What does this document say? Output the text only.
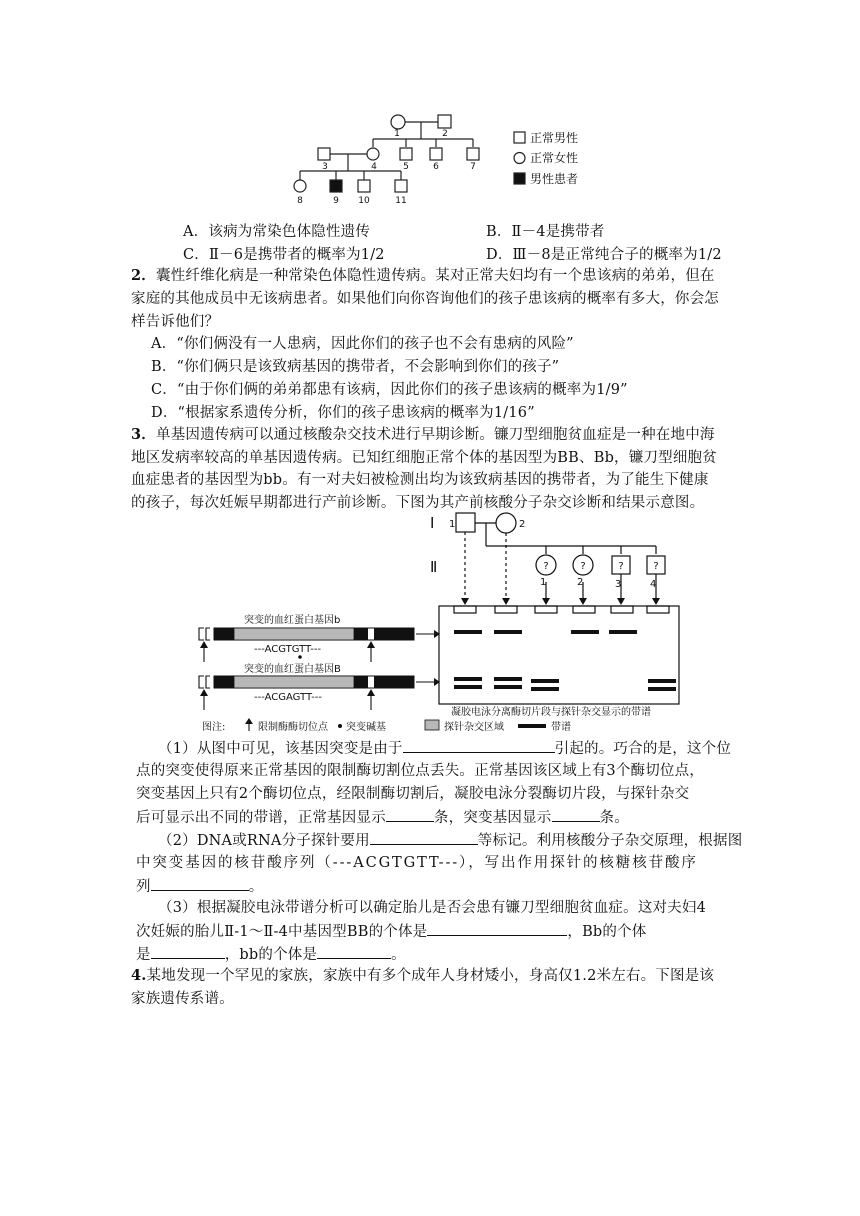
1	2
3	4	5	6	7
8	9 10	11
正常男性
正常女性
男性患者
A．该病为常染色体隐性遗传	B．Ⅱ－4是携带者
C．Ⅱ－6是携带者的概率为1/2	D．Ⅲ－8是正常纯合子的概率为1/2
2．囊性纤维化病是一种常染色体隐性遗传病。某对正常夫妇均有一个患该病的弟弟，但在
家庭的其他成员中无该病患者。如果他们向你咨询他们的孩子患该病的概率有多大，你会怎
样告诉他们？
A．“你们俩没有一人患病，因此你们的孩子也不会有患病的风险”
B．“你们俩只是该致病基因的携带者，不会影响到你们的孩子”
C．“由于你们俩的弟弟都患有该病，因此你们的孩子患该病的概率为1/9”
D．“根据家系遗传分析，你们的孩子患该病的概率为1/16”
3．单基因遗传病可以通过核酸杂交技术进行早期诊断。镰刀型细胞贫血症是一种在地中海
地区发病率较高的单基因遗传病。已知红细胞正常个体的基因型为BB、Bb，镰刀型细胞贫
血症患者的基因型为bb。有一对夫妇被检测出均为该致病基因的携带者，为了能生下健康
的孩子，每次妊娠早期都进行产前诊断。下图为其产前核酸分子杂交诊断和结果示意图。
Ⅰ
Ⅱ
1	2
?	?	?	?
1	2	3	4
突变的血红蛋白基因b
---ACGTGTT---
突变的血红蛋白基因B
---ACGAGTT---
凝胶电泳分离酶切片段与探针杂交显示的带谱
图注:	限制酶酶切位点 突变碱基	探针杂交区域	带谱
（1）从图中可见，该基因突变是由于	引起的。巧合的是，这个位
点的突变使得原来正常基因的限制酶切割位点丢失。正常基因该区域上有3个酶切位点，
突变基因上只有2个酶切位点，经限制酶切割后，凝胶电泳分裂酶切片段，与探针杂交
后可显示出不同的带谱，正常基因显示	条，突变基因显示	条。
（2）DNA或RNA分子探针要用	等标记。利用核酸分子杂交原理，根据图
中突变基因的核苷酸序列（---ACGTGTT---），写出作用探针的核糖核苷酸序
列	。
（3）根据凝胶电泳带谱分析可以确定胎儿是否会患有镰刀型细胞贫血症。这对夫妇4
次妊娠的胎儿Ⅱ-1～Ⅱ-4中基因型BB的个体是	，Bb的个体
是	，bb的个体是	。
4.某地发现一个罕见的家族，家族中有多个成年人身材矮小，身高仅1.2米左右。下图是该
家族遗传系谱。
